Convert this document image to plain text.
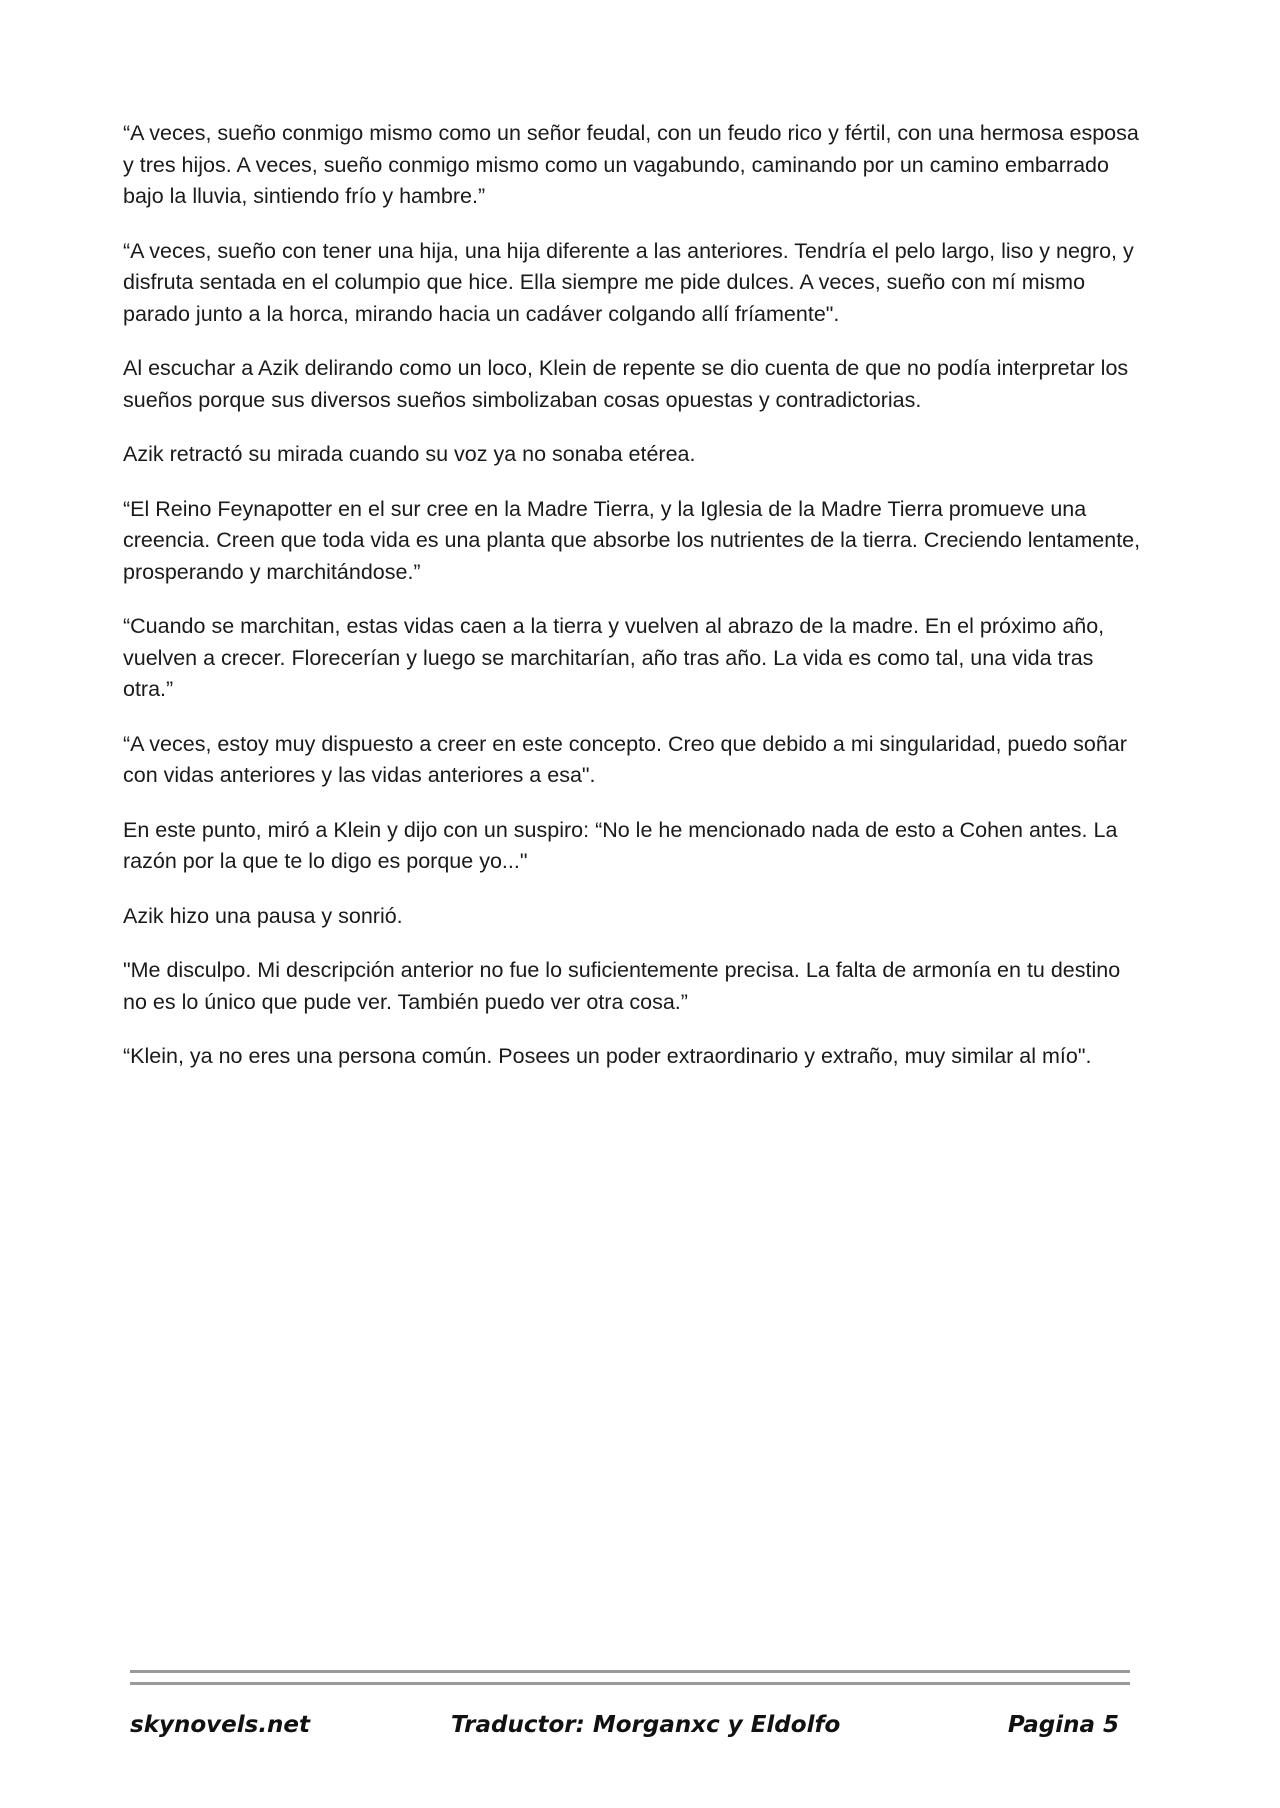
“A veces, sueño conmigo mismo como un señor feudal, con un feudo rico y fértil, con una hermosa esposa y tres hijos. A veces, sueño conmigo mismo como un vagabundo, caminando por un camino embarrado bajo la lluvia, sintiendo frío y hambre.”

“A veces, sueño con tener una hija, una hija diferente a las anteriores. Tendría el pelo largo, liso y negro, y disfruta sentada en el columpio que hice. Ella siempre me pide dulces. A veces, sueño con mí mismo parado junto a la horca, mirando hacia un cadáver colgando allí fríamente".

Al escuchar a Azik delirando como un loco, Klein de repente se dio cuenta de que no podía interpretar los sueños porque sus diversos sueños simbolizaban cosas opuestas y contradictorias.

Azik retractó su mirada cuando su voz ya no sonaba etérea.

“El Reino Feynapotter en el sur cree en la Madre Tierra, y la Iglesia de la Madre Tierra promueve una creencia. Creen que toda vida es una planta que absorbe los nutrientes de la tierra. Creciendo lentamente, prosperando y marchitándose.”

“Cuando se marchitan, estas vidas caen a la tierra y vuelven al abrazo de la madre. En el próximo año, vuelven a crecer. Florecerían y luego se marchitarían, año tras año. La vida es como tal, una vida tras otra.”

“A veces, estoy muy dispuesto a creer en este concepto. Creo que debido a mi singularidad, puedo soñar con vidas anteriores y las vidas anteriores a esa".

En este punto, miró a Klein y dijo con un suspiro: “No le he mencionado nada de esto a Cohen antes. La razón por la que te lo digo es porque yo..."

Azik hizo una pausa y sonrió.

"Me disculpo. Mi descripción anterior no fue lo suficientemente precisa. La falta de armonía en tu destino no es lo único que pude ver. También puedo ver otra cosa.”

“Klein, ya no eres una persona común. Posees un poder extraordinario y extraño, muy similar al mío".

skynovels.net	Traductor: Morganxc y Eldolfo	Pagina 5
